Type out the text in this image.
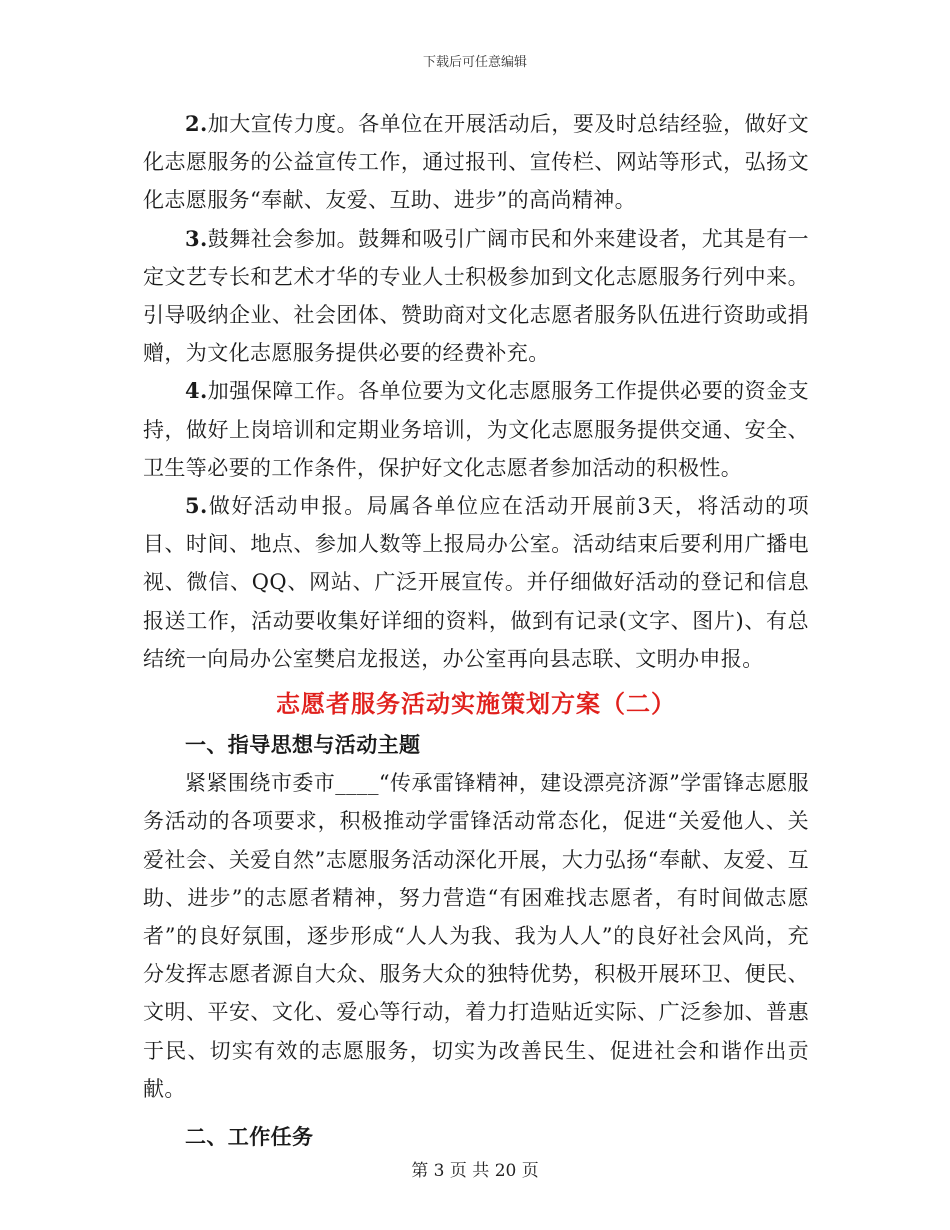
下载后可任意编辑

2.加大宣传力度。各单位在开展活动后，要及时总结经验，做好文化志愿服务的公益宣传工作，通过报刊、宣传栏、网站等形式，弘扬文化志愿服务“奉献、友爱、互助、进步”的高尚精神。

3.鼓舞社会参加。鼓舞和吸引广阔市民和外来建设者，尤其是有一定文艺专长和艺术才华的专业人士积极参加到文化志愿服务行列中来。引导吸纳企业、社会团体、赞助商对文化志愿者服务队伍进行资助或捐赠，为文化志愿服务提供必要的经费补充。

4.加强保障工作。各单位要为文化志愿服务工作提供必要的资金支持，做好上岗培训和定期业务培训，为文化志愿服务提供交通、安全、卫生等必要的工作条件，保护好文化志愿者参加活动的积极性。

5.做好活动申报。局属各单位应在活动开展前3天，将活动的项目、时间、地点、参加人数等上报局办公室。活动结束后要利用广播电视、微信、QQ、网站、广泛开展宣传。并仔细做好活动的登记和信息报送工作，活动要收集好详细的资料，做到有记录(文字、图片)、有总结统一向局办公室樊启龙报送，办公室再向县志联、文明办申报。

志愿者服务活动实施策划方案（二）
一、指导思想与活动主题

紧紧围绕市委市____“传承雷锋精神，建设漂亮济源”学雷锋志愿服务活动的各项要求，积极推动学雷锋活动常态化，促进“关爱他人、关爱社会、关爱自然”志愿服务活动深化开展，大力弘扬“奉献、友爱、互助、进步”的志愿者精神，努力营造“有困难找志愿者，有时间做志愿者”的良好氛围，逐步形成“人人为我、我为人人”的良好社会风尚，充分发挥志愿者源自大众、服务大众的独特优势，积极开展环卫、便民、文明、平安、文化、爱心等行动，着力打造贴近实际、广泛参加、普惠于民、切实有效的志愿服务，切实为改善民生、促进社会和谐作出贡献。

二、工作任务
第 3 页 共 20 页
